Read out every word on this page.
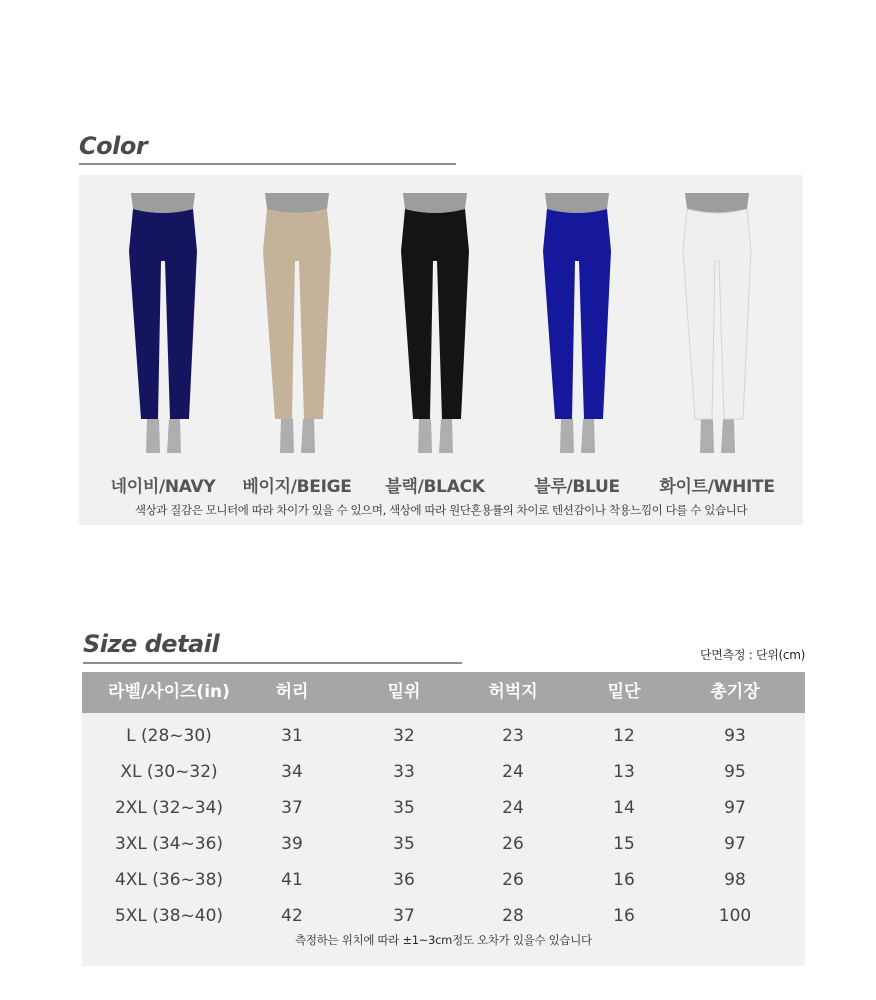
Color
네이비/NAVY 베이지/BEIGE 블랙/BLACK	블루/BLUE 화이트/WHITE
색상과 질감은 모니터에 따라 차이가 있을 수 있으며, 색상에 따라 원단혼용률의 차이로 텐션감이나 착용느낌이 다를 수 있습니다
Size detail	단면측정 : 단위(cm)
라벨/사이즈(in)	허리	밑위	허벅지	밑단	총기장
L (28~30)	31	32	23	12	93
XL (30~32)	34	33	24	13	95
2XL (32~34)	37	35	24	14	97
3XL (34~36)	39	35	26	15	97
4XL (36~38)	41	36	26	16	98
5XL (38~40)	42	37	28	16	100
측정하는 위치에 따라 ±1~3cm정도 오차가 있을수 있습니다
